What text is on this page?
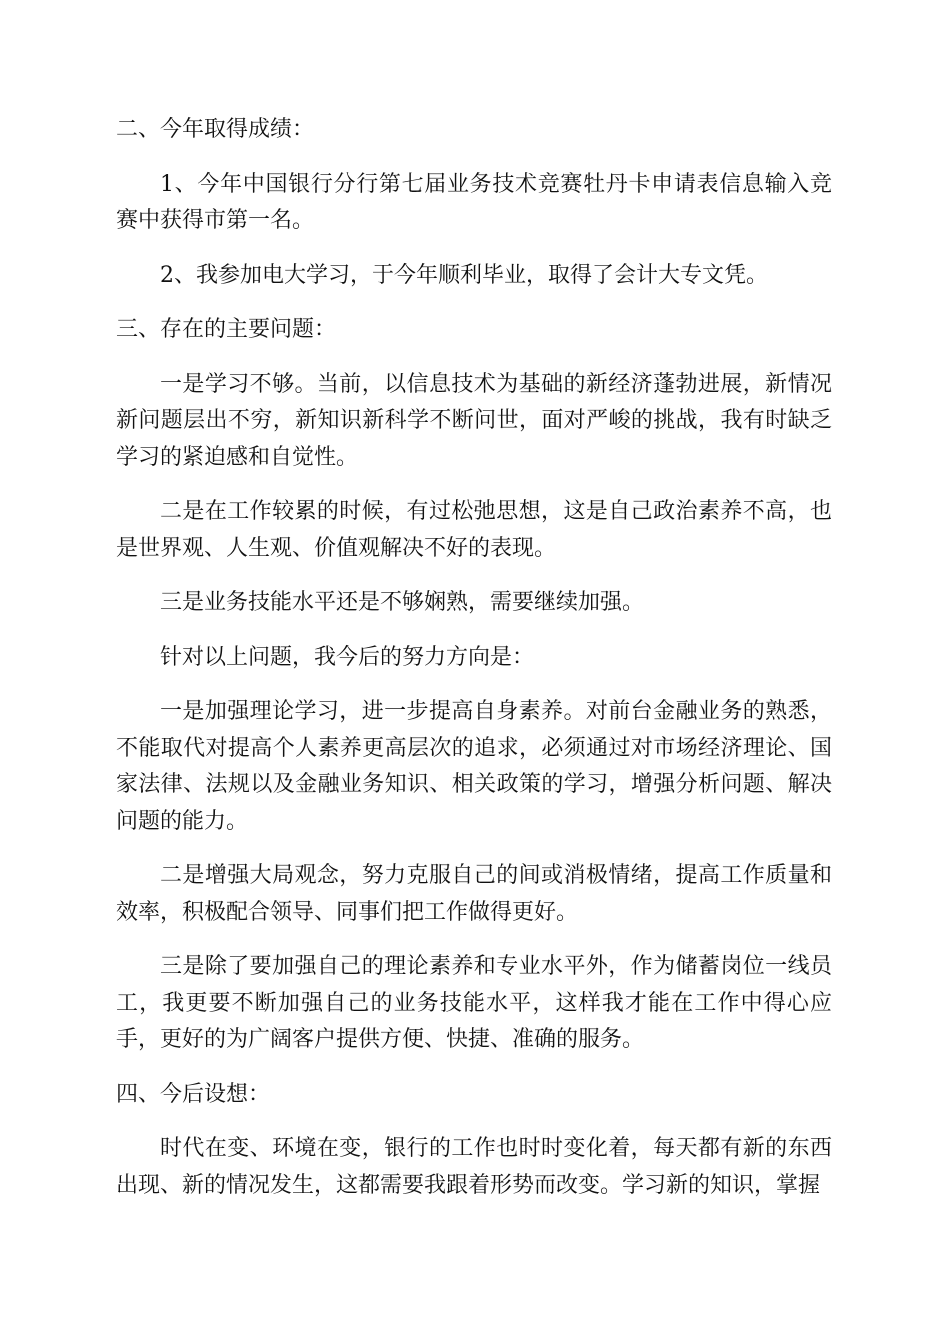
二、今年取得成绩：

1、今年中国银行分行第七届业务技术竞赛牡丹卡申请表信息输入竞赛中获得市第一名。

2、我参加电大学习，于今年顺利毕业，取得了会计大专文凭。

三、存在的主要问题：

一是学习不够。当前，以信息技术为基础的新经济蓬勃进展，新情况新问题层出不穷，新知识新科学不断问世，面对严峻的挑战，我有时缺乏学习的紧迫感和自觉性。

二是在工作较累的时候，有过松弛思想，这是自己政治素养不高，也是世界观、人生观、价值观解决不好的表现。

三是业务技能水平还是不够娴熟，需要继续加强。

针对以上问题，我今后的努力方向是：

一是加强理论学习，进一步提高自身素养。对前台金融业务的熟悉，不能取代对提高个人素养更高层次的追求，必须通过对市场经济理论、国家法律、法规以及金融业务知识、相关政策的学习，增强分析问题、解决问题的能力。

二是增强大局观念，努力克服自己的间或消极情绪，提高工作质量和效率，积极配合领导、同事们把工作做得更好。

三是除了要加强自己的理论素养和专业水平外，作为储蓄岗位一线员工，我更要不断加强自己的业务技能水平，这样我才能在工作中得心应手，更好的为广阔客户提供方便、快捷、准确的服务。

四、今后设想：

时代在变、环境在变，银行的工作也时时变化着，每天都有新的东西出现、新的情况发生，这都需要我跟着形势而改变。学习新的知识，掌握
